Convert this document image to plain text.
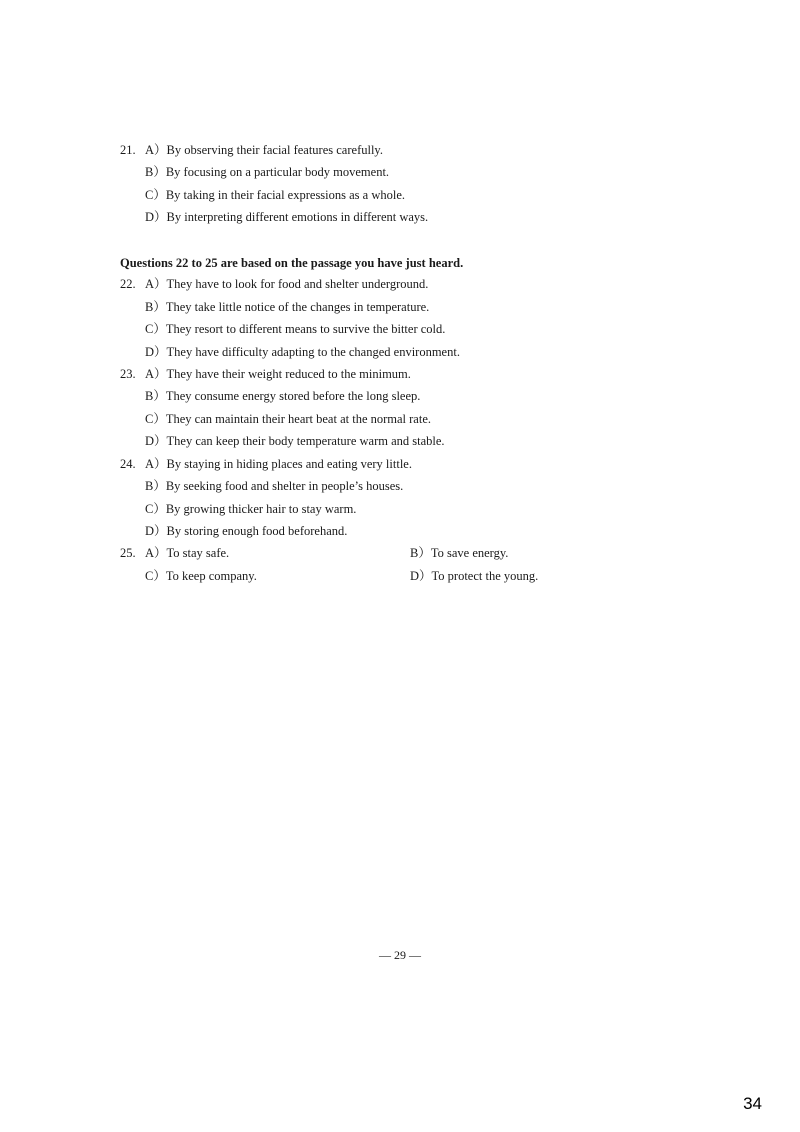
21. A）By observing their facial features carefully.
B）By focusing on a particular body movement.
C）By taking in their facial expressions as a whole.
D）By interpreting different emotions in different ways.
Questions 22 to 25 are based on the passage you have just heard.
22. A）They have to look for food and shelter underground.
B）They take little notice of the changes in temperature.
C）They resort to different means to survive the bitter cold.
D）They have difficulty adapting to the changed environment.
23. A）They have their weight reduced to the minimum.
B）They consume energy stored before the long sleep.
C）They can maintain their heart beat at the normal rate.
D）They can keep their body temperature warm and stable.
24. A）By staying in hiding places and eating very little.
B）By seeking food and shelter in people’s houses.
C）By growing thicker hair to stay warm.
D）By storing enough food beforehand.
25. A）To stay safe.	B）To save energy.
C）To keep company.	D）To protect the young.
— 29 —
34
